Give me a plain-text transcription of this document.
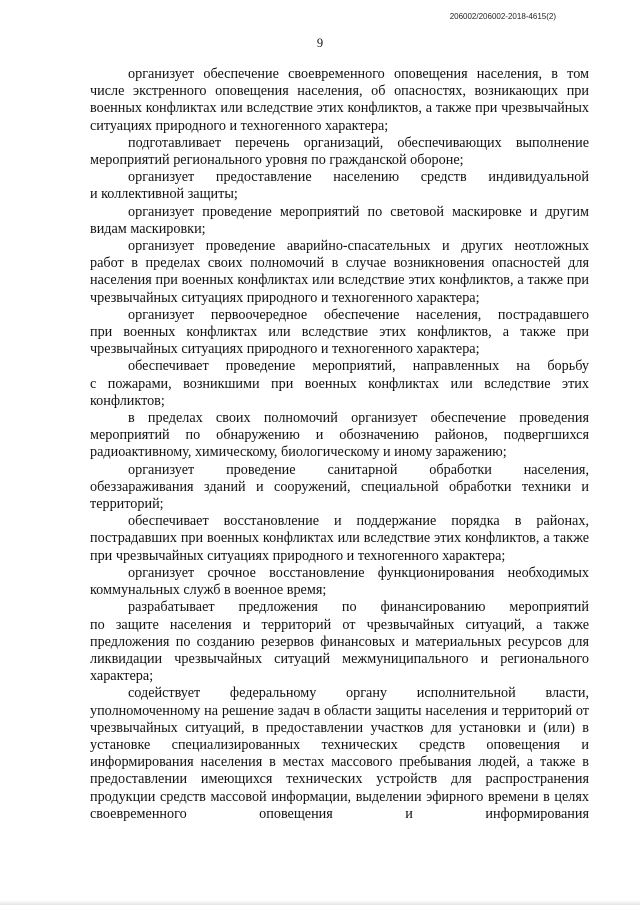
206002/206002-2018-4615(2)
9

организует обеспечение своевременного оповещения населения, в том
числе экстренного оповещения населения, об опасностях, возникающих при военных конфликтах или вследствие этих конфликтов, а также при чрезвычайных ситуациях природного и техногенного характера;

подготавливает перечень организаций, обеспечивающих выполнение
мероприятий регионального уровня по гражданской обороне;

организует предоставление населению средств индивидуальной
и коллективной защиты;

организует проведение мероприятий по световой маскировке и другим
видам маскировки;

организует проведение аварийно-спасательных и других неотложных
работ в пределах своих полномочий в случае возникновения опасностей для населения при военных конфликтах или вследствие этих конфликтов, а также при чрезвычайных ситуациях природного и техногенного характера;

организует первоочередное обеспечение населения, пострадавшего
при военных конфликтах или вследствие этих конфликтов, а также при чрезвычайных ситуациях природного и техногенного характера;

обеспечивает проведение мероприятий, направленных на борьбу
с пожарами, возникшими при военных конфликтах или вследствие этих конфликтов;

в пределах своих полномочий организует обеспечение проведения
мероприятий по обнаружению и обозначению районов, подвергшихся радиоактивному, химическому, биологическому и иному заражению;

организует проведение санитарной обработки населения,
обеззараживания зданий и сооружений, специальной обработки техники и территорий;

обеспечивает восстановление и поддержание порядка в районах,
пострадавших при военных конфликтах или вследствие этих конфликтов, а также при чрезвычайных ситуациях природного и техногенного характера;

организует срочное восстановление функционирования необходимых
коммунальных служб в военное время;

разрабатывает предложения по финансированию мероприятий
по защите населения и территорий от чрезвычайных ситуаций, а также предложения по созданию резервов финансовых и материальных ресурсов для ликвидации чрезвычайных ситуаций межмуниципального и регионального характера;

содействует федеральному органу исполнительной власти,
уполномоченному на решение задач в области защиты населения и территорий от чрезвычайных ситуаций, в предоставлении участков для установки и (или) в установке специализированных технических средств оповещения и информирования населения в местах массового пребывания людей, а также в предоставлении имеющихся технических устройств для распространения продукции средств массовой информации, выделении эфирного времени в целях своевременного оповещения и информирования
